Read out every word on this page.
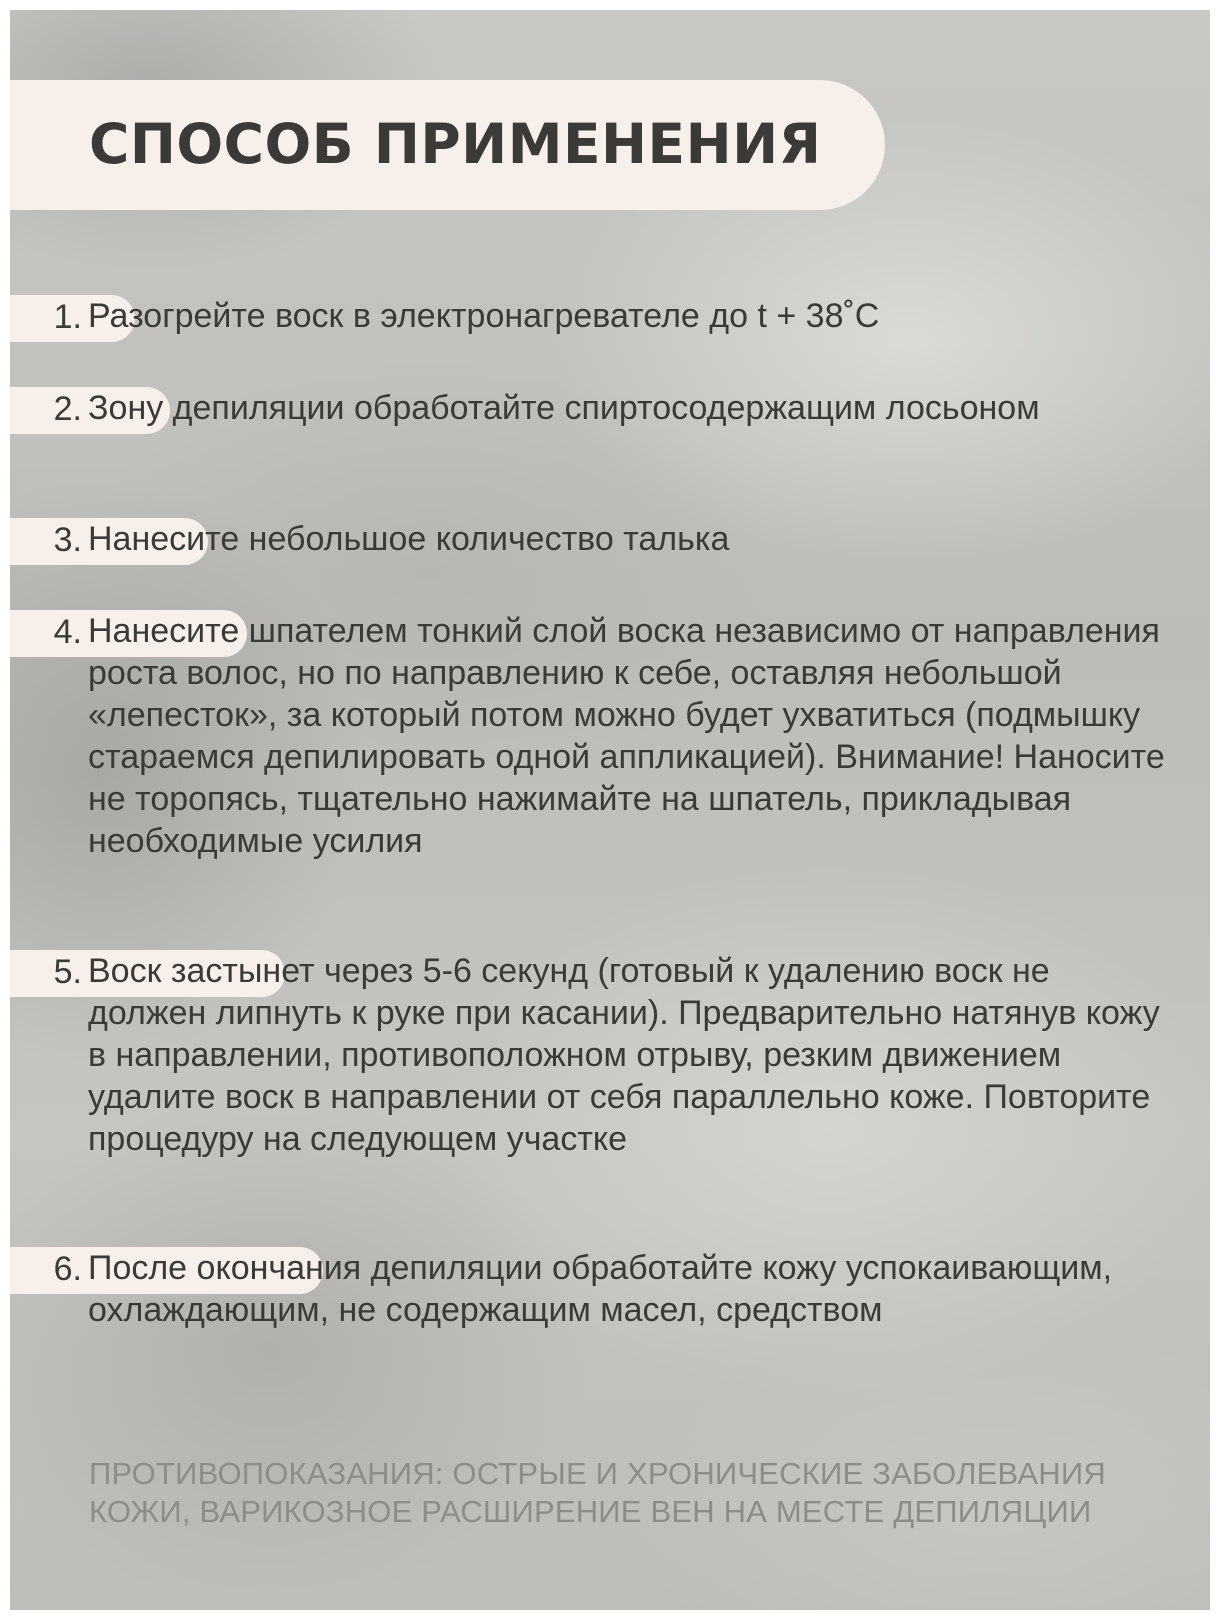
СПОСОБ ПРИМЕНЕНИЯ
1. Разогрейте воск в электронагревателе до t + 38˚С
2. Зону депиляции обработайте спиртосодержащим лосьоном
3. Нанесите небольшое количество талька
4. Нанесите шпателем тонкий слой воска независимо от направления роста волос, но по направлению к себе, оставляя небольшой «лепесток», за который потом можно будет ухватиться (подмышку стараемся депилировать одной аппликацией). Внимание! Наносите не торопясь, тщательно нажимайте на шпатель, прикладывая необходимые усилия
5. Воск застынет через 5-6 секунд (готовый к удалению воск не должен липнуть к руке при касании). Предварительно натянув кожу в направлении, противоположном отрыву, резким движением удалите воск в направлении от себя параллельно коже. Повторите процедуру на следующем участке
6. После окончания депиляции обработайте кожу успокаивающим, охлаждающим, не содержащим масел, средством
ПРОТИВОПОКАЗАНИЯ: ОСТРЫЕ И ХРОНИЧЕСКИЕ ЗАБОЛЕВАНИЯ КОЖИ, ВАРИКОЗНОЕ РАСШИРЕНИЕ ВЕН НА МЕСТЕ ДЕПИЛЯЦИИ
